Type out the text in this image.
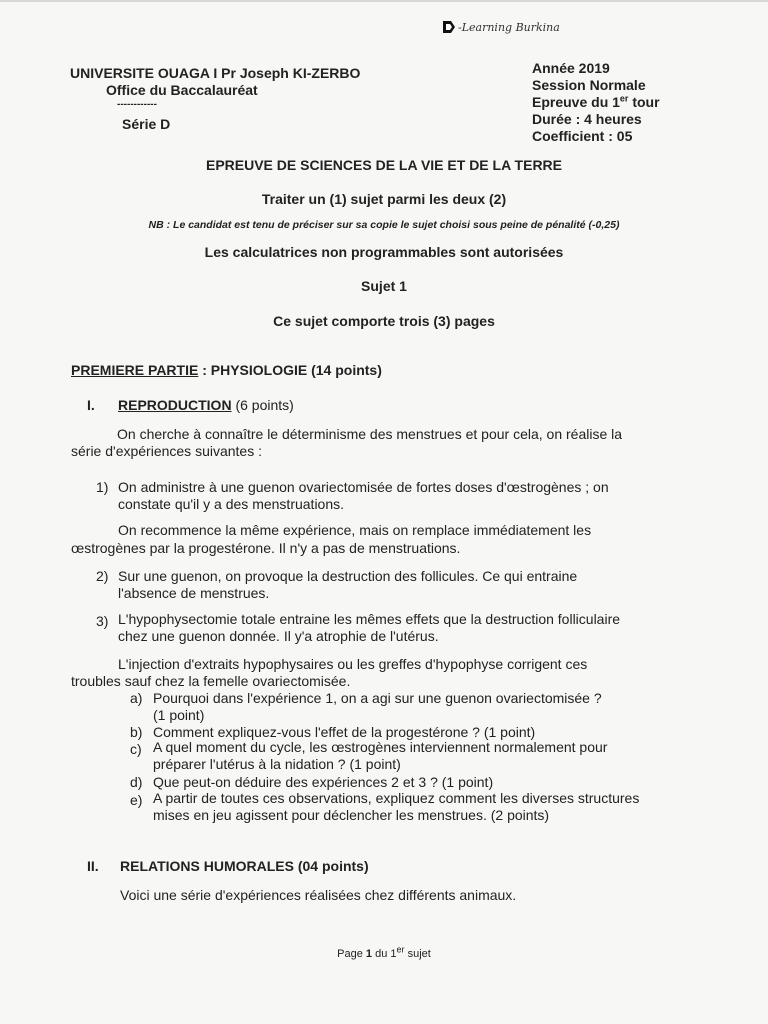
-Learning Burkina
UNIVERSITE OUAGA I Pr Joseph KI-ZERBO
Office du Baccalauréat
------------
Série D
Année 2019
Session Normale
Epreuve du 1er tour
Durée : 4 heures
Coefficient : 05
EPREUVE DE SCIENCES DE LA VIE ET DE LA TERRE
Traiter un (1) sujet parmi les deux (2)
NB : Le candidat est tenu de préciser sur sa copie le sujet choisi sous peine de pénalité (-0,25)
Les calculatrices non programmables sont autorisées
Sujet 1
Ce sujet comporte trois (3) pages
PREMIERE PARTIE : PHYSIOLOGIE (14 points)
I. REPRODUCTION (6 points)
On cherche à connaître le déterminisme des menstrues et pour cela, on réalise la
série d'expériences suivantes :
1) On administre à une guenon ovariectomisée de fortes doses d'œstrogènes ; on
constate qu'il y a des menstruations.
On recommence la même expérience, mais on remplace immédiatement les
œstrogènes par la progestérone. Il n'y a pas de menstruations.
2) Sur une guenon, on provoque la destruction des follicules. Ce qui entraine
l'absence de menstrues.
3) L'hypophysectomie totale entraine les mêmes effets que la destruction folliculaire
chez une guenon donnée. Il y'a atrophie de l'utérus.
L'injection d'extraits hypophysaires ou les greffes d'hypophyse corrigent ces
troubles sauf chez la femelle ovariectomisée.
a) Pourquoi dans l'expérience 1, on a agi sur une guenon ovariectomisée ?
(1 point)
b) Comment expliquez-vous l'effet de la progestérone ? (1 point)
c) A quel moment du cycle, les œstrogènes interviennent normalement pour
préparer l'utérus à la nidation ? (1 point)
d) Que peut-on déduire des expériences 2 et 3 ? (1 point)
e) A partir de toutes ces observations, expliquez comment les diverses structures
mises en jeu agissent pour déclencher les menstrues. (2 points)
II. RELATIONS HUMORALES (04 points)
Voici une série d'expériences réalisées chez différents animaux.
Page 1 du 1er sujet
